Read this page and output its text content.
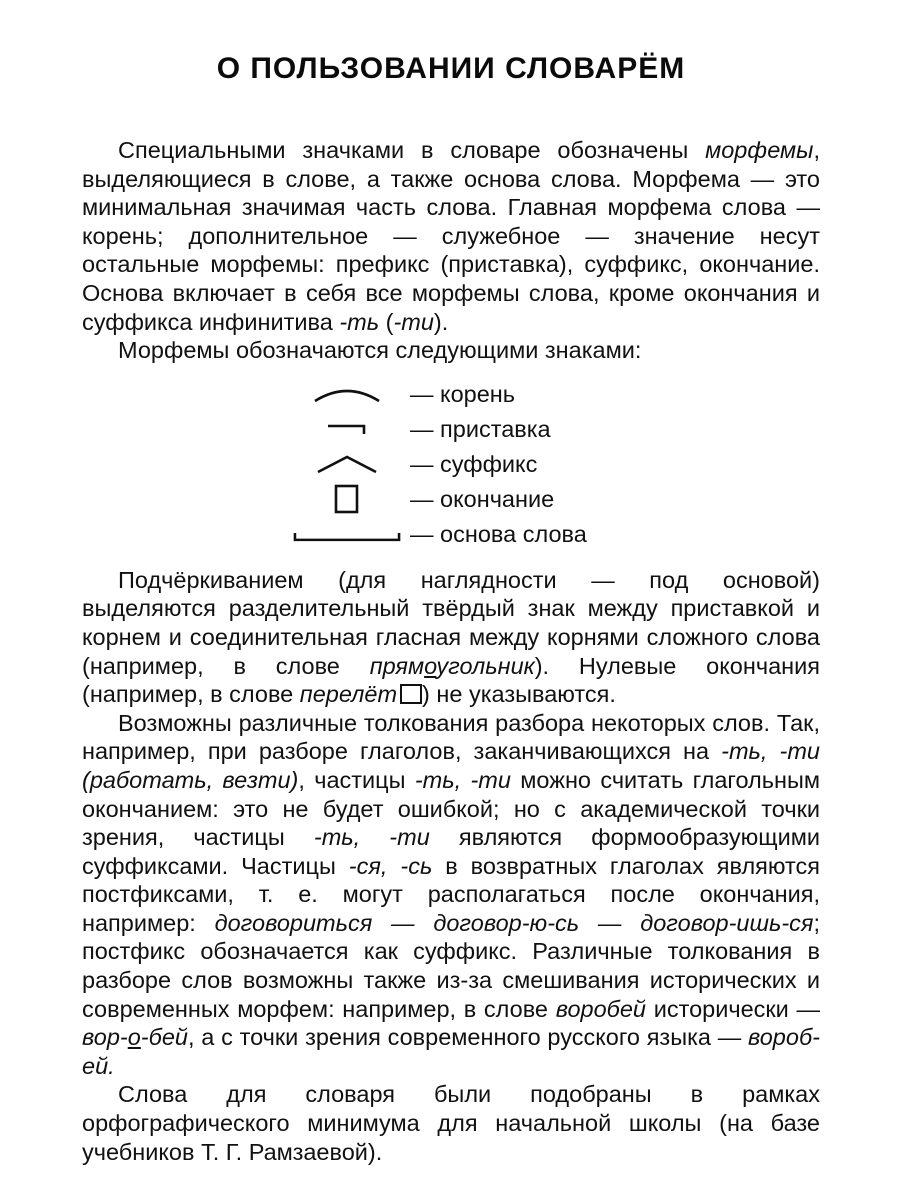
О ПОЛЬЗОВАНИИ СЛОВАРЁМ

Специальными значками в словаре обозначены морфемы, выделяющиеся в слове, а также основа слова. Морфема — это минимальная значимая часть слова. Главная морфема слова — корень; дополнительное — служебное — значение несут остальные морфемы: префикс (приставка), суффикс, окончание. Основа включает в себя все морфемы слова, кроме окончания и суффикса инфинитива -ть (-ти).

Морфемы обозначаются следующими знаками:

— корень
— приставка
— суффикс
— окончание
— основа слова

Подчёркиванием (для наглядности — под основой) выделяются разделительный твёрдый знак между приставкой и корнем и соединительная гласная между корнями сложного слова (например, в слове прямоугольник). Нулевые окончания (например, в слове перелёт ) не указываются.

Возможны различные толкования разбора некоторых слов. Так, например, при разборе глаголов, заканчивающихся на -ть, -ти (работать, везти), частицы -ть, -ти можно считать глагольным окончанием: это не будет ошибкой; но с академической точки зрения, частицы -ть, -ти являются формообразующими суффиксами. Частицы -ся, -сь в возвратных глаголах являются постфиксами, т. е. могут располагаться после окончания, например: договориться — договор-ю-сь — договор-ишь-ся; постфикс обозначается как суффикс. Различные толкования в разборе слов возможны также из-за смешивания исторических и современных морфем: например, в слове воробей исторически — вор-о-бей, а с точки зрения современного русского языка — вороб-ей.

Слова для словаря были подобраны в рамках орфографического минимума для начальной школы (на базе учебников Т. Г. Рамзаевой).
